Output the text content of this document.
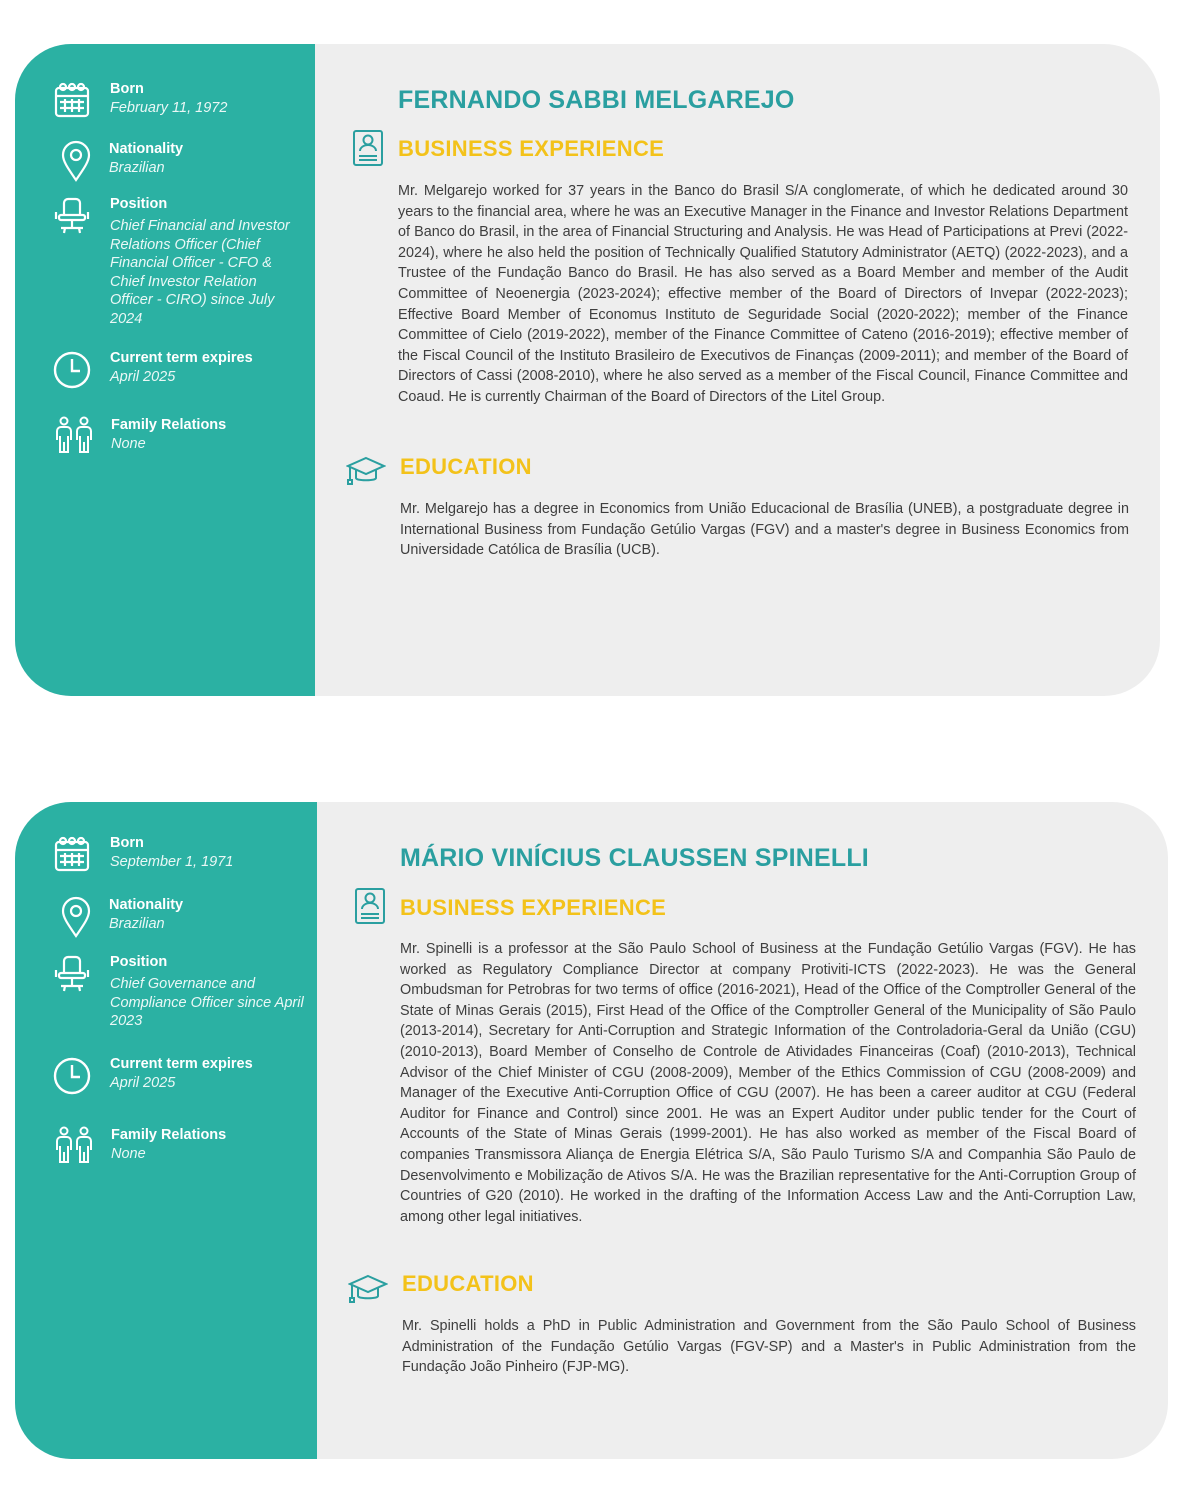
Born
February 11, 1972
Nationality
Brazilian
Position
Chief Financial and Investor Relations Officer (Chief Financial Officer - CFO & Chief Investor Relation Officer - CIRO) since July 2024
Current term expires
April 2025
Family Relations
None
FERNANDO SABBI MELGAREJO
BUSINESS EXPERIENCE

Mr. Melgarejo worked for 37 years in the Banco do Brasil S/A conglomerate, of which he dedicated around 30 years to the financial area, where he was an Executive Manager in the Finance and Investor Relations Department of Banco do Brasil, in the area of Financial Structuring and Analysis. He was Head of Participations at Previ (2022-2024), where he also held the position of Technically Qualified Statutory Administrator (AETQ) (2022-2023), and a Trustee of the Fundação Banco do Brasil. He has also served as a Board Member and member of the Audit Committee of Neoenergia (2023-2024); effective member of the Board of Directors of Invepar (2022-2023); Effective Board Member of Economus Instituto de Seguridade Social (2020-2022); member of the Finance Committee of Cielo (2019-2022), member of the Finance Committee of Cateno (2016-2019); effective member of the Fiscal Council of the Instituto Brasileiro de Executivos de Finanças (2009-2011); and member of the Board of Directors of Cassi (2008-2010), where he also served as a member of the Fiscal Council, Finance Committee and Coaud. He is currently Chairman of the Board of Directors of the Litel Group.

EDUCATION

Mr. Melgarejo has a degree in Economics from União Educacional de Brasília (UNEB), a postgraduate degree in International Business from Fundação Getúlio Vargas (FGV) and a master's degree in Business Economics from Universidade Católica de Brasília (UCB).

Born
September 1, 1971
Nationality
Brazilian
Position
Chief Governance and Compliance Officer since April 2023
Current term expires
April 2025
Family Relations
None
MÁRIO VINÍCIUS CLAUSSEN SPINELLI
BUSINESS EXPERIENCE

Mr. Spinelli is a professor at the São Paulo School of Business at the Fundação Getúlio Vargas (FGV). He has worked as Regulatory Compliance Director at company Protiviti-ICTS (2022-2023). He was the General Ombudsman for Petrobras for two terms of office (2016-2021), Head of the Office of the Comptroller General of the State of Minas Gerais (2015), First Head of the Office of the Comptroller General of the Municipality of São Paulo (2013-2014), Secretary for Anti-Corruption and Strategic Information of the Controladoria-Geral da União (CGU) (2010-2013), Board Member of Conselho de Controle de Atividades Financeiras (Coaf) (2010-2013), Technical Advisor of the Chief Minister of CGU (2008-2009), Member of the Ethics Commission of CGU (2008-2009) and Manager of the Executive Anti-Corruption Office of CGU (2007). He has been a career auditor at CGU (Federal Auditor for Finance and Control) since 2001. He was an Expert Auditor under public tender for the Court of Accounts of the State of Minas Gerais (1999-2001). He has also worked as member of the Fiscal Board of companies Transmissora Aliança de Energia Elétrica S/A, São Paulo Turismo S/A and Companhia São Paulo de Desenvolvimento e Mobilização de Ativos S/A. He was the Brazilian representative for the Anti-Corruption Group of Countries of G20 (2010). He worked in the drafting of the Information Access Law and the Anti-Corruption Law, among other legal initiatives.

EDUCATION

Mr. Spinelli holds a PhD in Public Administration and Government from the São Paulo School of Business Administration of the Fundação Getúlio Vargas (FGV-SP) and a Master's in Public Administration from the Fundação João Pinheiro (FJP-MG).
